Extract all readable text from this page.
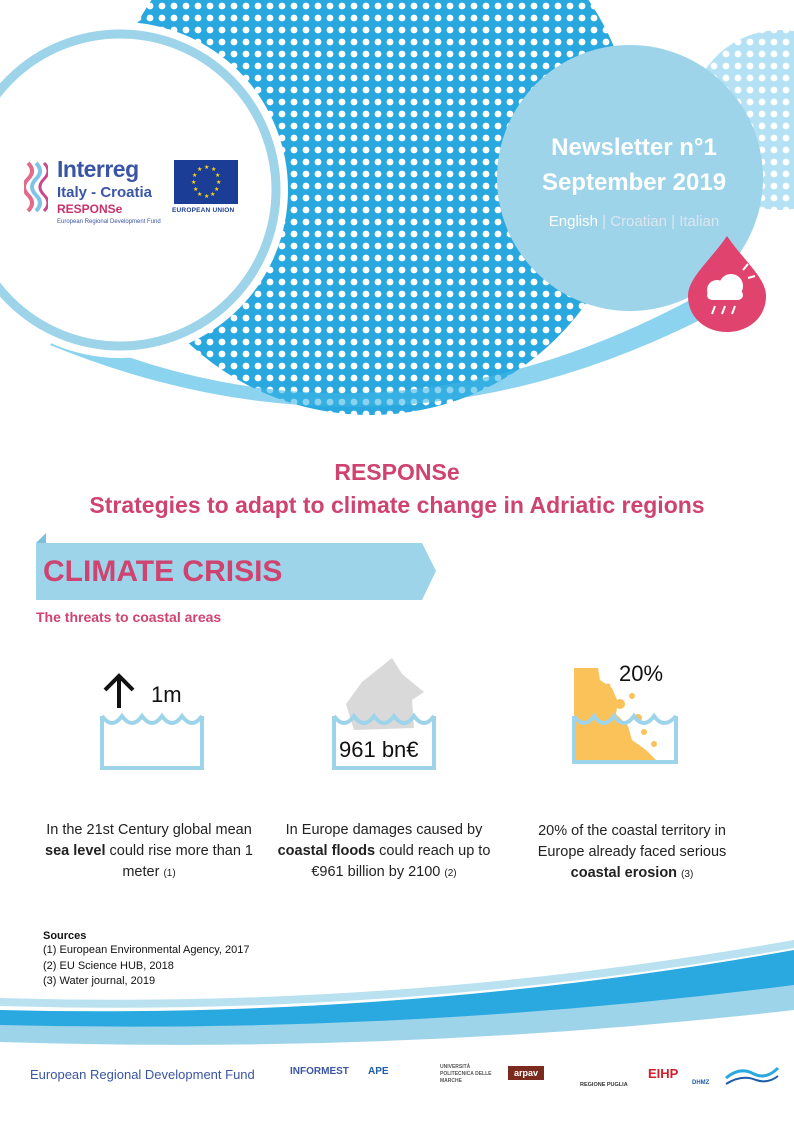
Interreg
Italy - Croatia
RESPONSe
European Regional Development Fund
★ ★
★
★
★
★
★
★
★
★
★
★
EUROPEAN UNION
Newsletter n°1
September 2019
English | Croatian | Italian
RESPONSe
Strategies to adapt to climate change in Adriatic regions
CLIMATE CRISIS
The threats to coastal areas
1m
961 bn€
20%
In the 21st Century global mean sea level could rise more than 1 meter (1)
In Europe damages caused by coastal floods could reach up to €961 billion by 2100 (2)
20% of the coastal territory in Europe already faced serious coastal erosion (3)
Sources
(1) European Environmental Agency, 2017
(2) EU Science HUB, 2018
(3) Water journal, 2019
European Regional Development Fund	INFORMEST APE	UNIVERSITÀ POLITECNICA DELLE MARCHE
arpav
REGIONE PUGLIA
EIHP
DHMZ
